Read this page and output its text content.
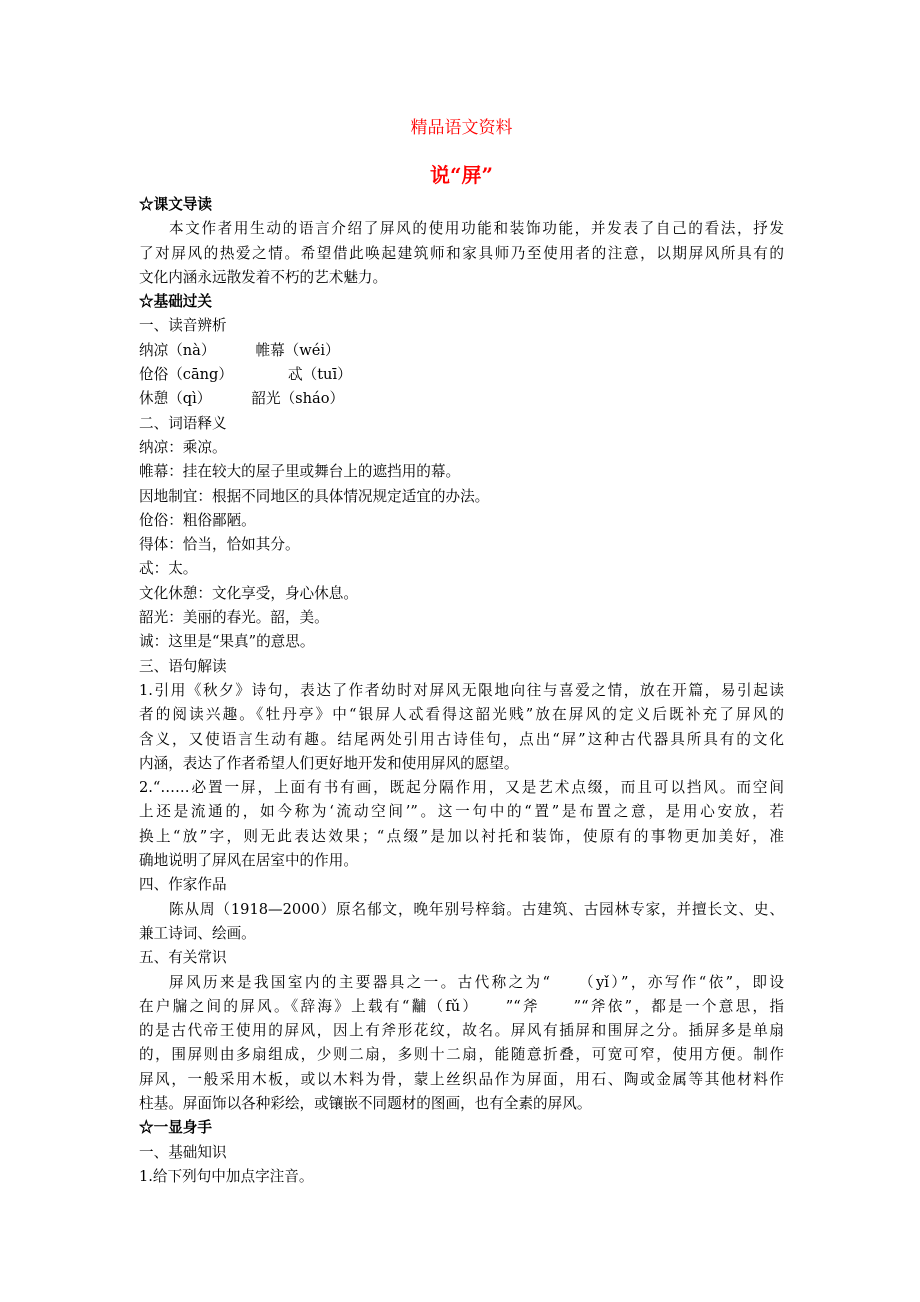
精品语文资料
说“屏”
☆课文导读
本文作者用生动的语言介绍了屏风的使用功能和装饰功能，并发表了自己的看法，抒发
了对屏风的热爱之情。希望借此唤起建筑师和家具师乃至使用者的注意，以期屏风所具有的
文化内涵永远散发着不朽的艺术魅力。
☆基础过关
一、读音辨析
纳凉（nà）	帷幕（wéi）
伧俗（cāng）	忒（tuī）
休憩（qì）	韶光（sháo）
二、词语释义
纳凉：乘凉。
帷幕：挂在较大的屋子里或舞台上的遮挡用的幕。
因地制宜：根据不同地区的具体情况规定适宜的办法。
伧俗：粗俗鄙陋。
得体：恰当，恰如其分。
忒：太。
文化休憩：文化享受，身心休息。
韶光：美丽的春光。韶，美。
诚：这里是“果真”的意思。
三、语句解读
1.引用《秋夕》诗句，表达了作者幼时对屏风无限地向往与喜爱之情，放在开篇，易引起读
者的阅读兴趣。《牡丹亭》中“银屏人忒看得这韶光贱”放在屏风的定义后既补充了屏风的
含义，又使语言生动有趣。结尾两处引用古诗佳句，点出“屏”这种古代器具所具有的文化
内涵，表达了作者希望人们更好地开发和使用屏风的愿望。
2.“……必置一屏，上面有书有画，既起分隔作用，又是艺术点缀，而且可以挡风。而空间
上还是流通的，如今称为‘流动空间’”。这一句中的“置”是布置之意，是用心安放，若
换上“放”字，则无此表达效果；“点缀”是加以衬托和装饰，使原有的事物更加美好，准
确地说明了屏风在居室中的作用。
四、作家作品
陈从周（1918—2000）原名郁文，晚年别号梓翁。古建筑、古园林专家，并擅长文、史、
兼工诗词、绘画。
五、有关常识
屏风历来是我国室内的主要器具之一。古代称之为“　　（yǐ）”，亦写作“依”，即设
在户牖之间的屏风。《辞海》上载有“黼（fǔ）　　”“斧　　”“斧依”，都是一个意思，指
的是古代帝王使用的屏风，因上有斧形花纹，故名。屏风有插屏和围屏之分。插屏多是单扇
的，围屏则由多扇组成，少则二扇，多则十二扇，能随意折叠，可宽可窄，使用方便。制作
屏风，一般采用木板，或以木料为骨，蒙上丝织品作为屏面，用石、陶或金属等其他材料作
柱基。屏面饰以各种彩绘，或镶嵌不同题材的图画，也有全素的屏风。
☆一显身手
一、基础知识
1.给下列句中加点字注音。
